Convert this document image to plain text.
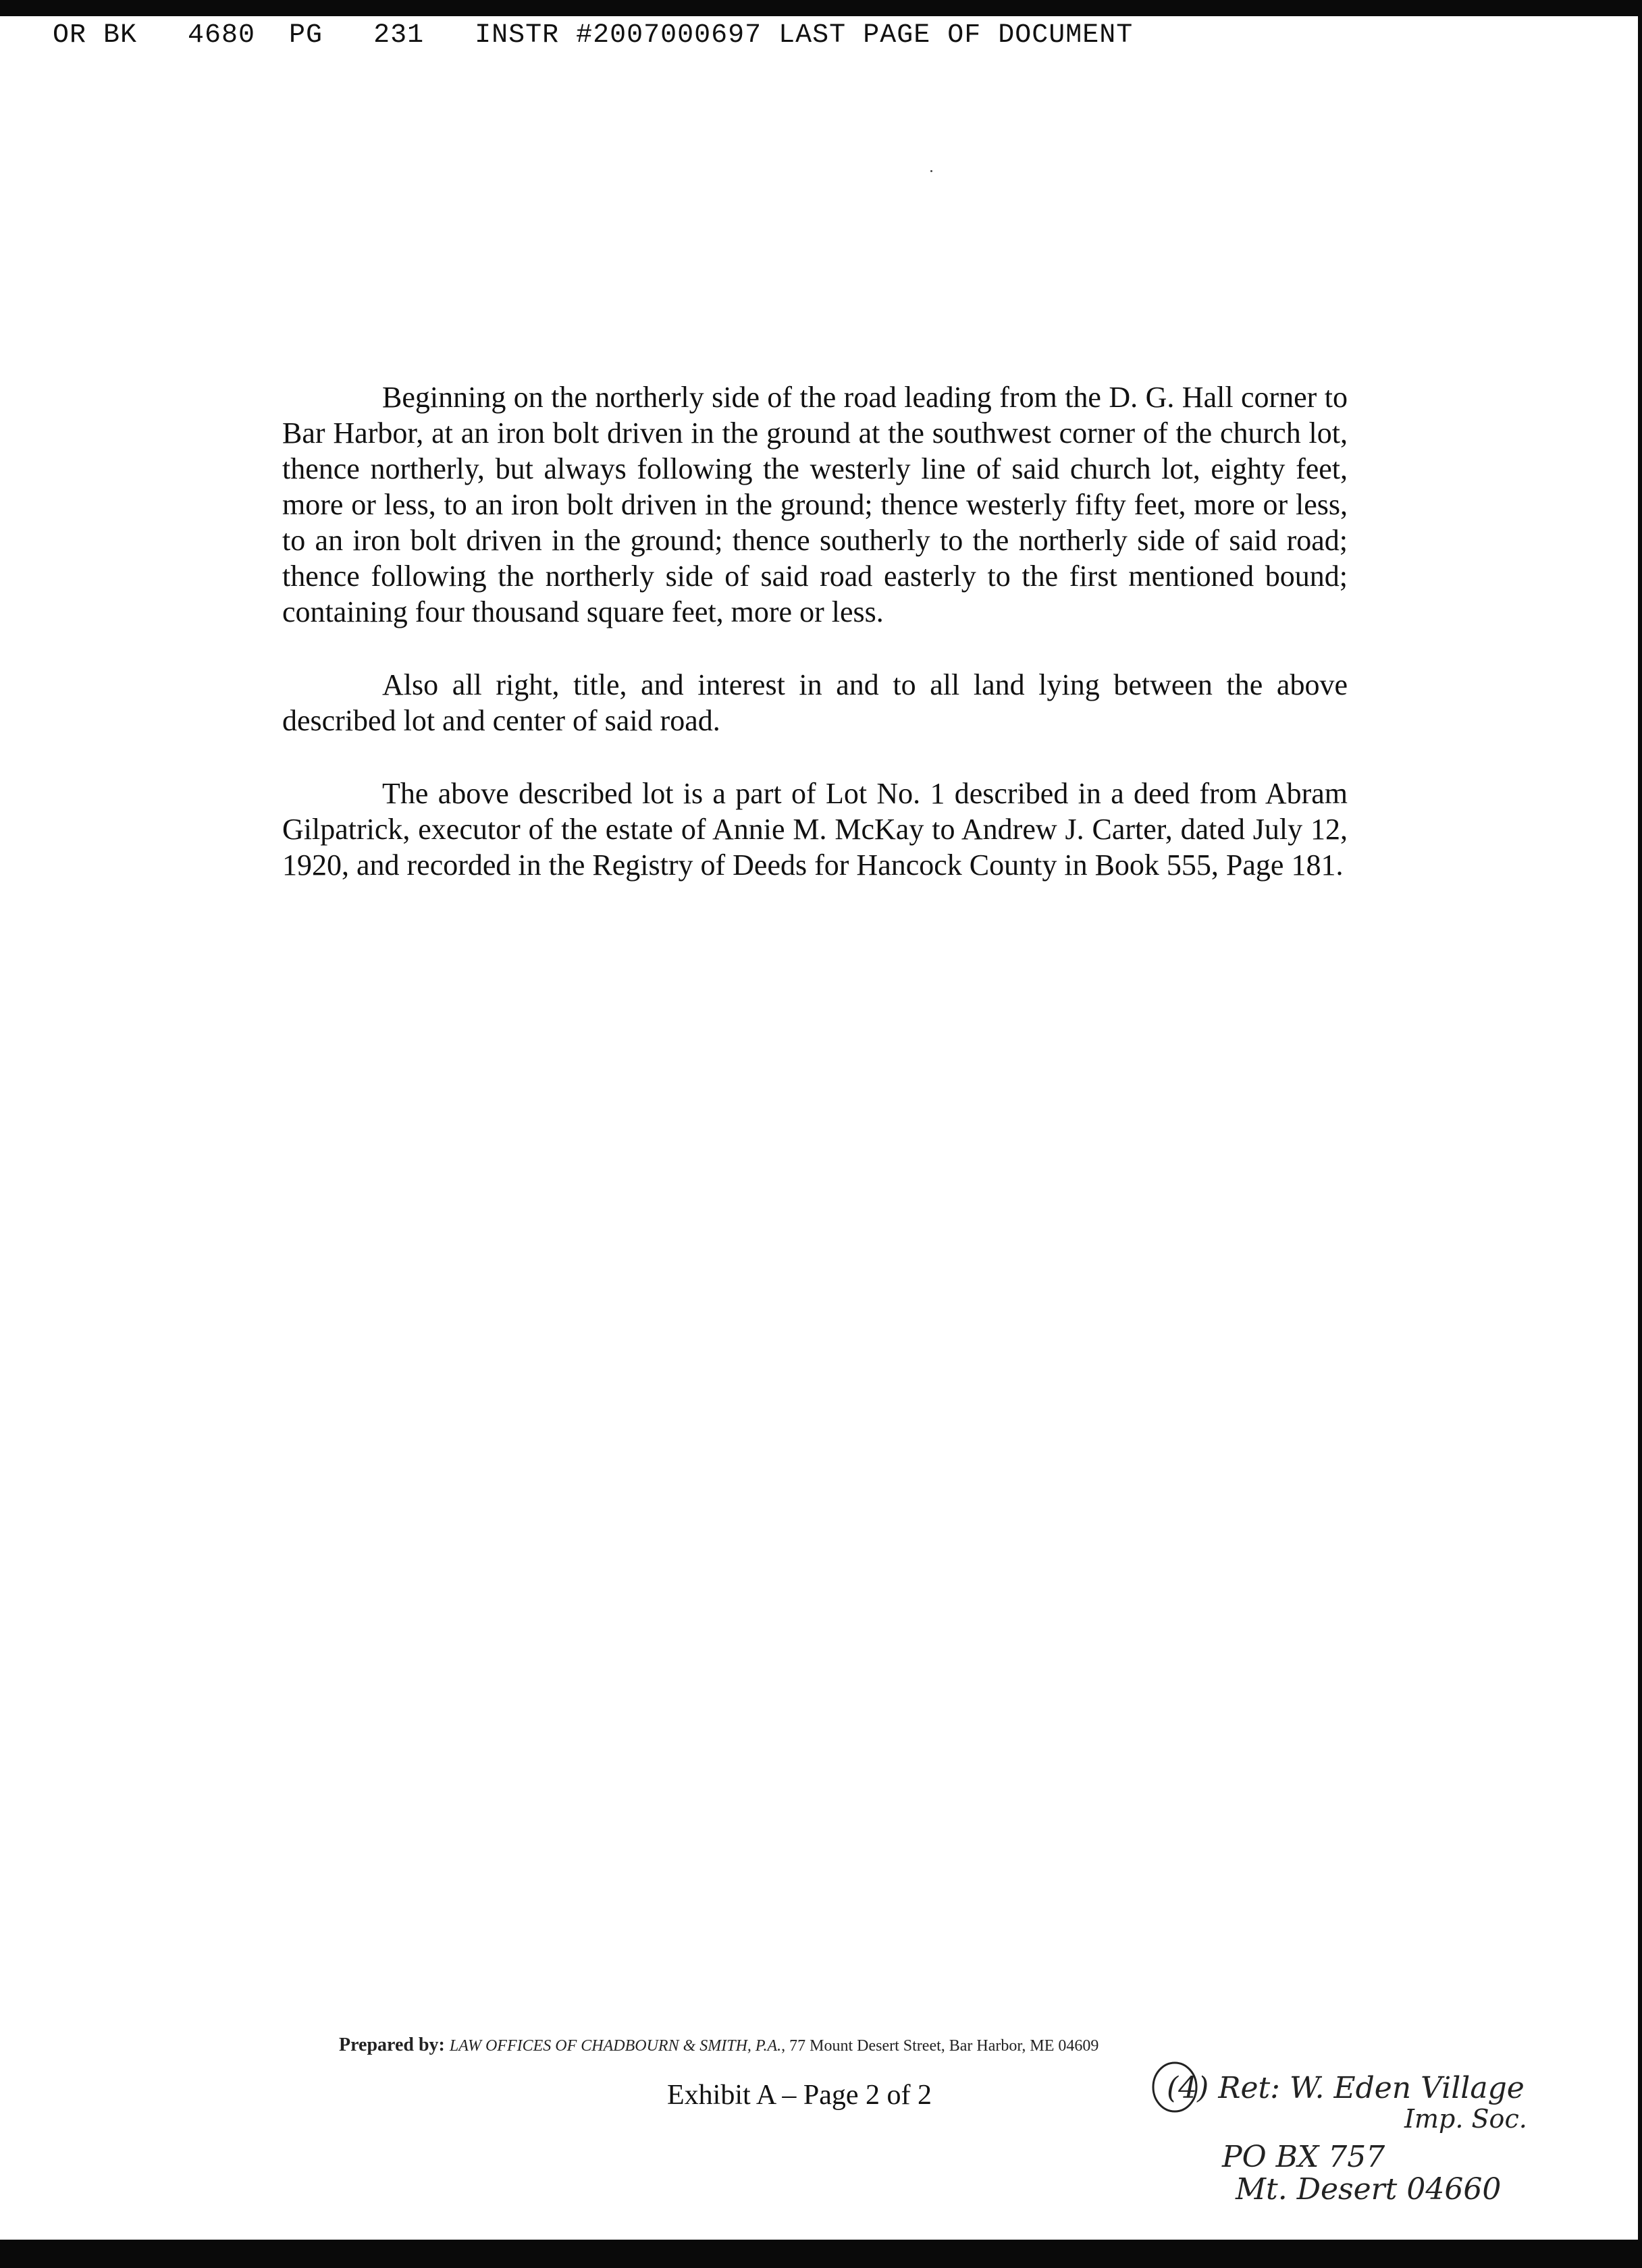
OR BK   4680  PG   231   INSTR #2007000697 LAST PAGE OF DOCUMENT

Beginning on the northerly side of the road leading from the D. G. Hall corner to Bar Harbor, at an iron bolt driven in the ground at the southwest corner of the church lot, thence northerly, but always following the westerly line of said church lot, eighty feet, more or less, to an iron bolt driven in the ground; thence westerly fifty feet, more or less, to an iron bolt driven in the ground; thence southerly to the northerly side of said road; thence following the northerly side of said road easterly to the first mentioned bound; containing four thousand square feet, more or less.

Also all right, title, and interest in and to all land lying between the above described lot and center of said road.

The above described lot is a part of Lot No. 1 described in a deed from Abram Gilpatrick, executor of the estate of Annie M. McKay to Andrew J. Carter, dated July 12, 1920, and recorded in the Registry of Deeds for Hancock County in Book 555, Page 181.

Prepared by: LAW OFFICES OF CHADBOURN & SMITH, P.A., 77 Mount Desert Street, Bar Harbor, ME 04609
Exhibit A – Page 2 of 2	(4) Ret: W. Eden Village
Imp. Soc.
PO BX 757
Mt. Desert 04660
